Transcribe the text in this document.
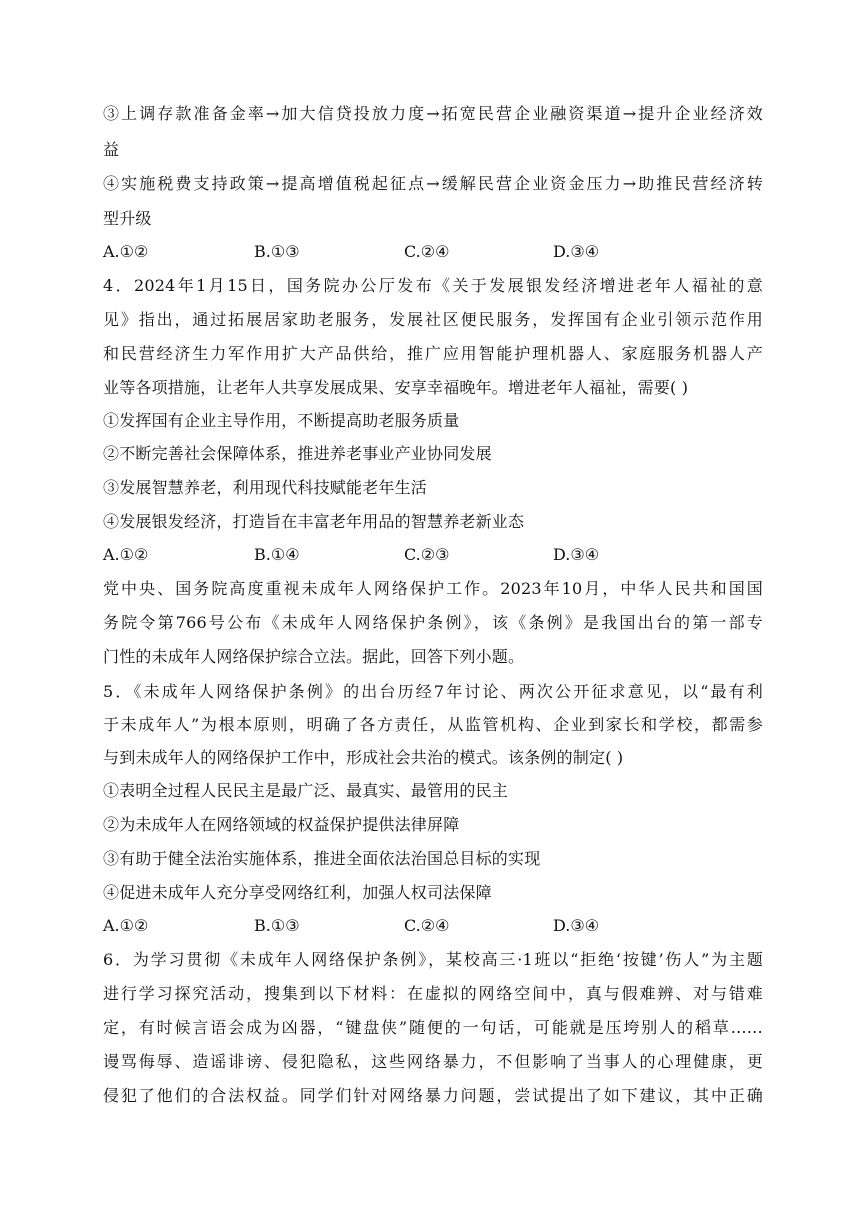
③上调存款准备金率→加大信贷投放力度→拓宽民营企业融资渠道→提升企业经济效
益
④实施税费支持政策→提高增值税起征点→缓解民营企业资金压力→助推民营经济转
型升级
A.①②	B.①③	C.②④	D.③④
4．2024年1月15日，国务院办公厅发布《关于发展银发经济增进老年人福祉的意
见》指出，通过拓展居家助老服务，发展社区便民服务，发挥国有企业引领示范作用
和民营经济生力军作用扩大产品供给，推广应用智能护理机器人、家庭服务机器人产
业等各项措施，让老年人共享发展成果、安享幸福晚年。增进老年人福祉，需要( )
①发挥国有企业主导作用，不断提高助老服务质量
②不断完善社会保障体系，推进养老事业产业协同发展
③发展智慧养老，利用现代科技赋能老年生活
④发展银发经济，打造旨在丰富老年用品的智慧养老新业态
A.①②	B.①④	C.②③	D.③④
党中央、国务院高度重视未成年人网络保护工作。2023年10月，中华人民共和国国
务院令第766号公布《未成年人网络保护条例》，该《条例》是我国出台的第一部专
门性的未成年人网络保护综合立法。据此，回答下列小题。
5．《未成年人网络保护条例》的出台历经7年讨论、两次公开征求意见，以“最有利
于未成年人”为根本原则，明确了各方责任，从监管机构、企业到家长和学校，都需参
与到未成年人的网络保护工作中，形成社会共治的模式。该条例的制定( )
①表明全过程人民民主是最广泛、最真实、最管用的民主
②为未成年人在网络领域的权益保护提供法律屏障
③有助于健全法治实施体系，推进全面依法治国总目标的实现
④促进未成年人充分享受网络红利，加强人权司法保障
A.①②	B.①③	C.②④	D.③④
6．为学习贯彻《未成年人网络保护条例》，某校高三·1班以“拒绝‘按键’伤人”为主题
进行学习探究活动，搜集到以下材料：在虚拟的网络空间中，真与假难辨、对与错难
定，有时候言语会成为凶器，“键盘侠”随便的一句话，可能就是压垮别人的稻草……
谩骂侮辱、造谣诽谤、侵犯隐私，这些网络暴力，不但影响了当事人的心理健康，更
侵犯了他们的合法权益。同学们针对网络暴力问题，尝试提出了如下建议，其中正确
